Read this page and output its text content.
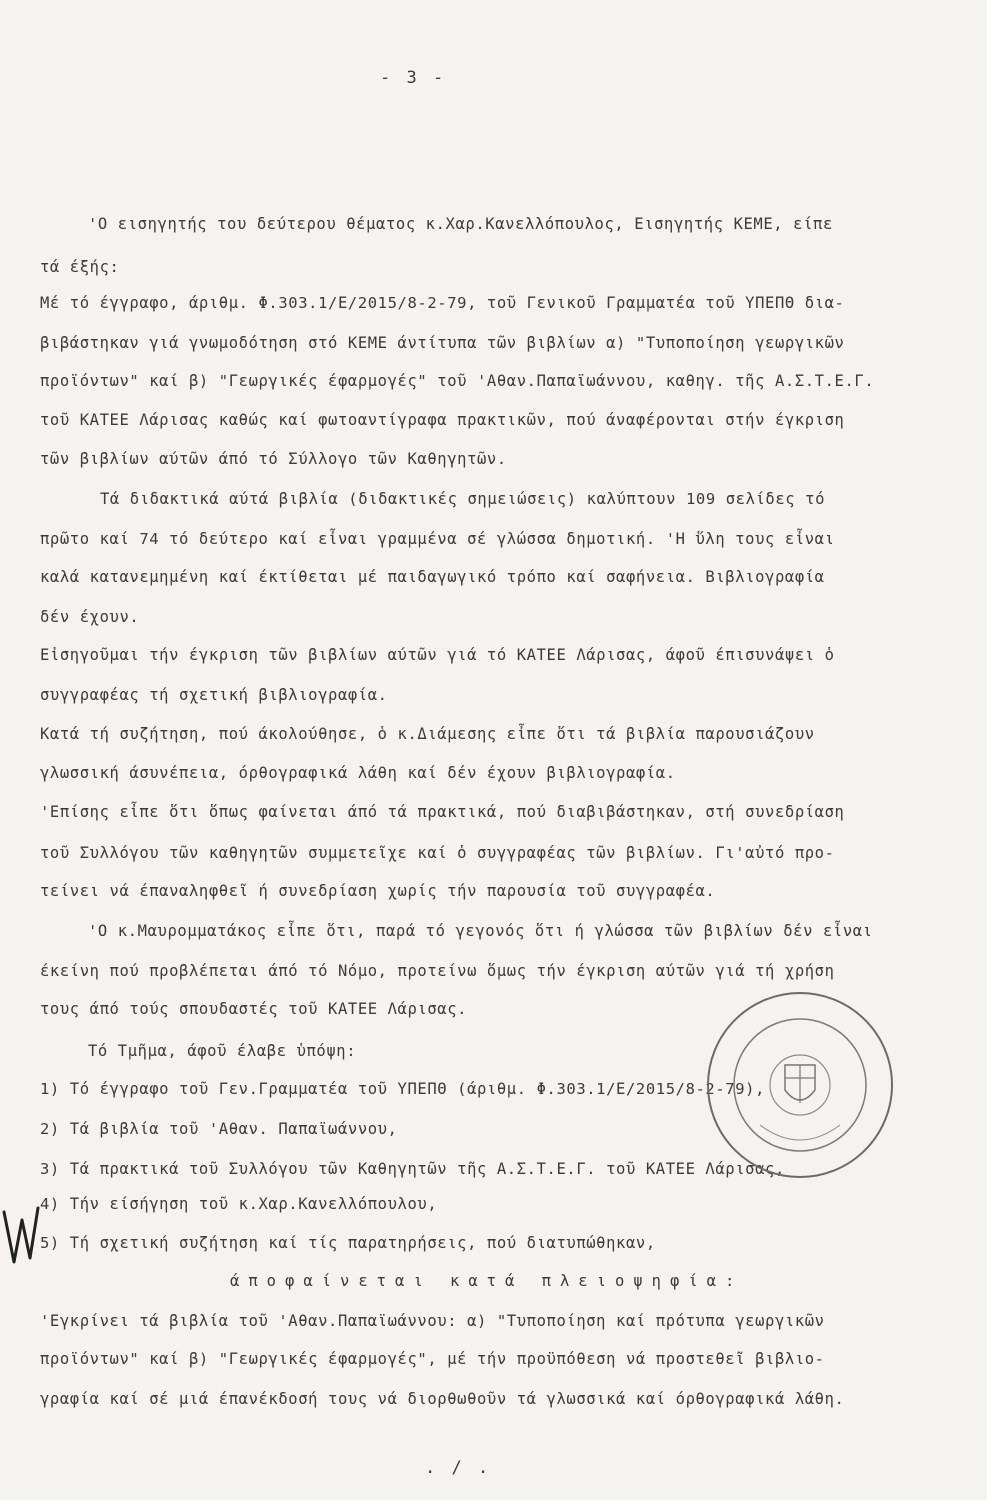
- 3 -
'Ο εισηγητής του δεύτερου θέματος κ.Χαρ.Κανελλόπουλος, Εισηγητής ΚΕΜΕ, είπε
τά έξής:
Μέ τό έγγραφο, άριθμ. Φ.303.1/Ε/2015/8-2-79, τοῦ Γενικοῦ Γραμματέα τοῦ ΥΠΕΠΘ δια-
βιβάστηκαν γιά γνωμοδότηση στό ΚΕΜΕ άντίτυπα τῶν βιβλίων α) "Τυποποίηση γεωργικῶν
προϊόντων" καί β) "Γεωργικές έφαρμογές" τοῦ 'Αθαν.Παπαϊωάννου, καθηγ. τῆς Α.Σ.Τ.Ε.Γ.
τοῦ ΚΑΤΕΕ Λάρισας καθώς καί φωτοαντίγραφα πρακτικῶν, πού άναφέρονται στήν έγκριση
τῶν βιβλίων αύτῶν άπό τό Σύλλογο τῶν Καθηγητῶν.
Τά διδακτικά αύτά βιβλία (διδακτικές σημειώσεις) καλύπτουν 109 σελίδες τό
πρῶτο καί 74 τό δεύτερο καί εἶναι γραμμένα σέ γλώσσα δημοτική. 'Η ὕλη τους εἶναι
καλά κατανεμημένη καί έκτίθεται μέ παιδαγωγικό τρόπο καί σαφήνεια. Βιβλιογραφία
δέν έχουν.
Εἰσηγοῦμαι τήν έγκριση τῶν βιβλίων αύτῶν γιά τό ΚΑΤΕΕ Λάρισας, άφοῦ έπισυνάψει ὁ
συγγραφέας τή σχετική βιβλιογραφία.
Κατά τή συζήτηση, πού άκολούθησε, ὁ κ.Διάμεσης εἶπε ὅτι τά βιβλία παρουσιάζουν
γλωσσική άσυνέπεια, όρθογραφικά λάθη καί δέν έχουν βιβλιογραφία.
'Επίσης εἶπε ὅτι ὅπως φαίνεται άπό τά πρακτικά, πού διαβιβάστηκαν, στή συνεδρίαση
τοῦ Συλλόγου τῶν καθηγητῶν συμμετεῖχε καί ὁ συγγραφέας τῶν βιβλίων. Γι'αὐτό προ-
τείνει νά έπαναληφθεῖ ή συνεδρίαση χωρίς τήν παρουσία τοῦ συγγραφέα.
'Ο κ.Μαυρομματάκος εἶπε ὅτι, παρά τό γεγονός ὅτι ή γλώσσα τῶν βιβλίων δέν εἶναι
έκείνη πού προβλέπεται άπό τό Νόμο, προτείνω ὅμως τήν έγκριση αύτῶν γιά τή χρήση
τους άπό τούς σπουδαστές τοῦ ΚΑΤΕΕ Λάρισας.
Τό Τμῆμα, άφοῦ έλαβε ὑπόψη:
1) Τό έγγραφο τοῦ Γεν.Γραμματέα τοῦ ΥΠΕΠΘ (άριθμ. Φ.303.1/Ε/2015/8-2-79),
2) Τά βιβλία τοῦ 'Αθαν. Παπαϊωάννου,
3) Τά πρακτικά τοῦ Συλλόγου τῶν Καθηγητῶν τῆς Α.Σ.Τ.Ε.Γ. τοῦ ΚΑΤΕΕ Λάρισας,
4) Τήν είσήγηση τοῦ κ.Χαρ.Κανελλόπουλου,
5) Τή σχετική συζήτηση καί τίς παρατηρήσεις, πού διατυπώθηκαν,
άποφαίνεται κατά πλειοψηφία:
'Εγκρίνει τά βιβλία τοῦ 'Αθαν.Παπαϊωάννου: α) "Τυποποίηση καί πρότυπα γεωργικῶν
προϊόντων" καί β) "Γεωργικές έφαρμογές", μέ τήν προϋπόθεση νά προστεθεῖ βιβλιο-
γραφία καί σέ μιά έπανέκδοσή τους νά διορθωθοῦν τά γλωσσικά καί όρθογραφικά λάθη.
. / .
